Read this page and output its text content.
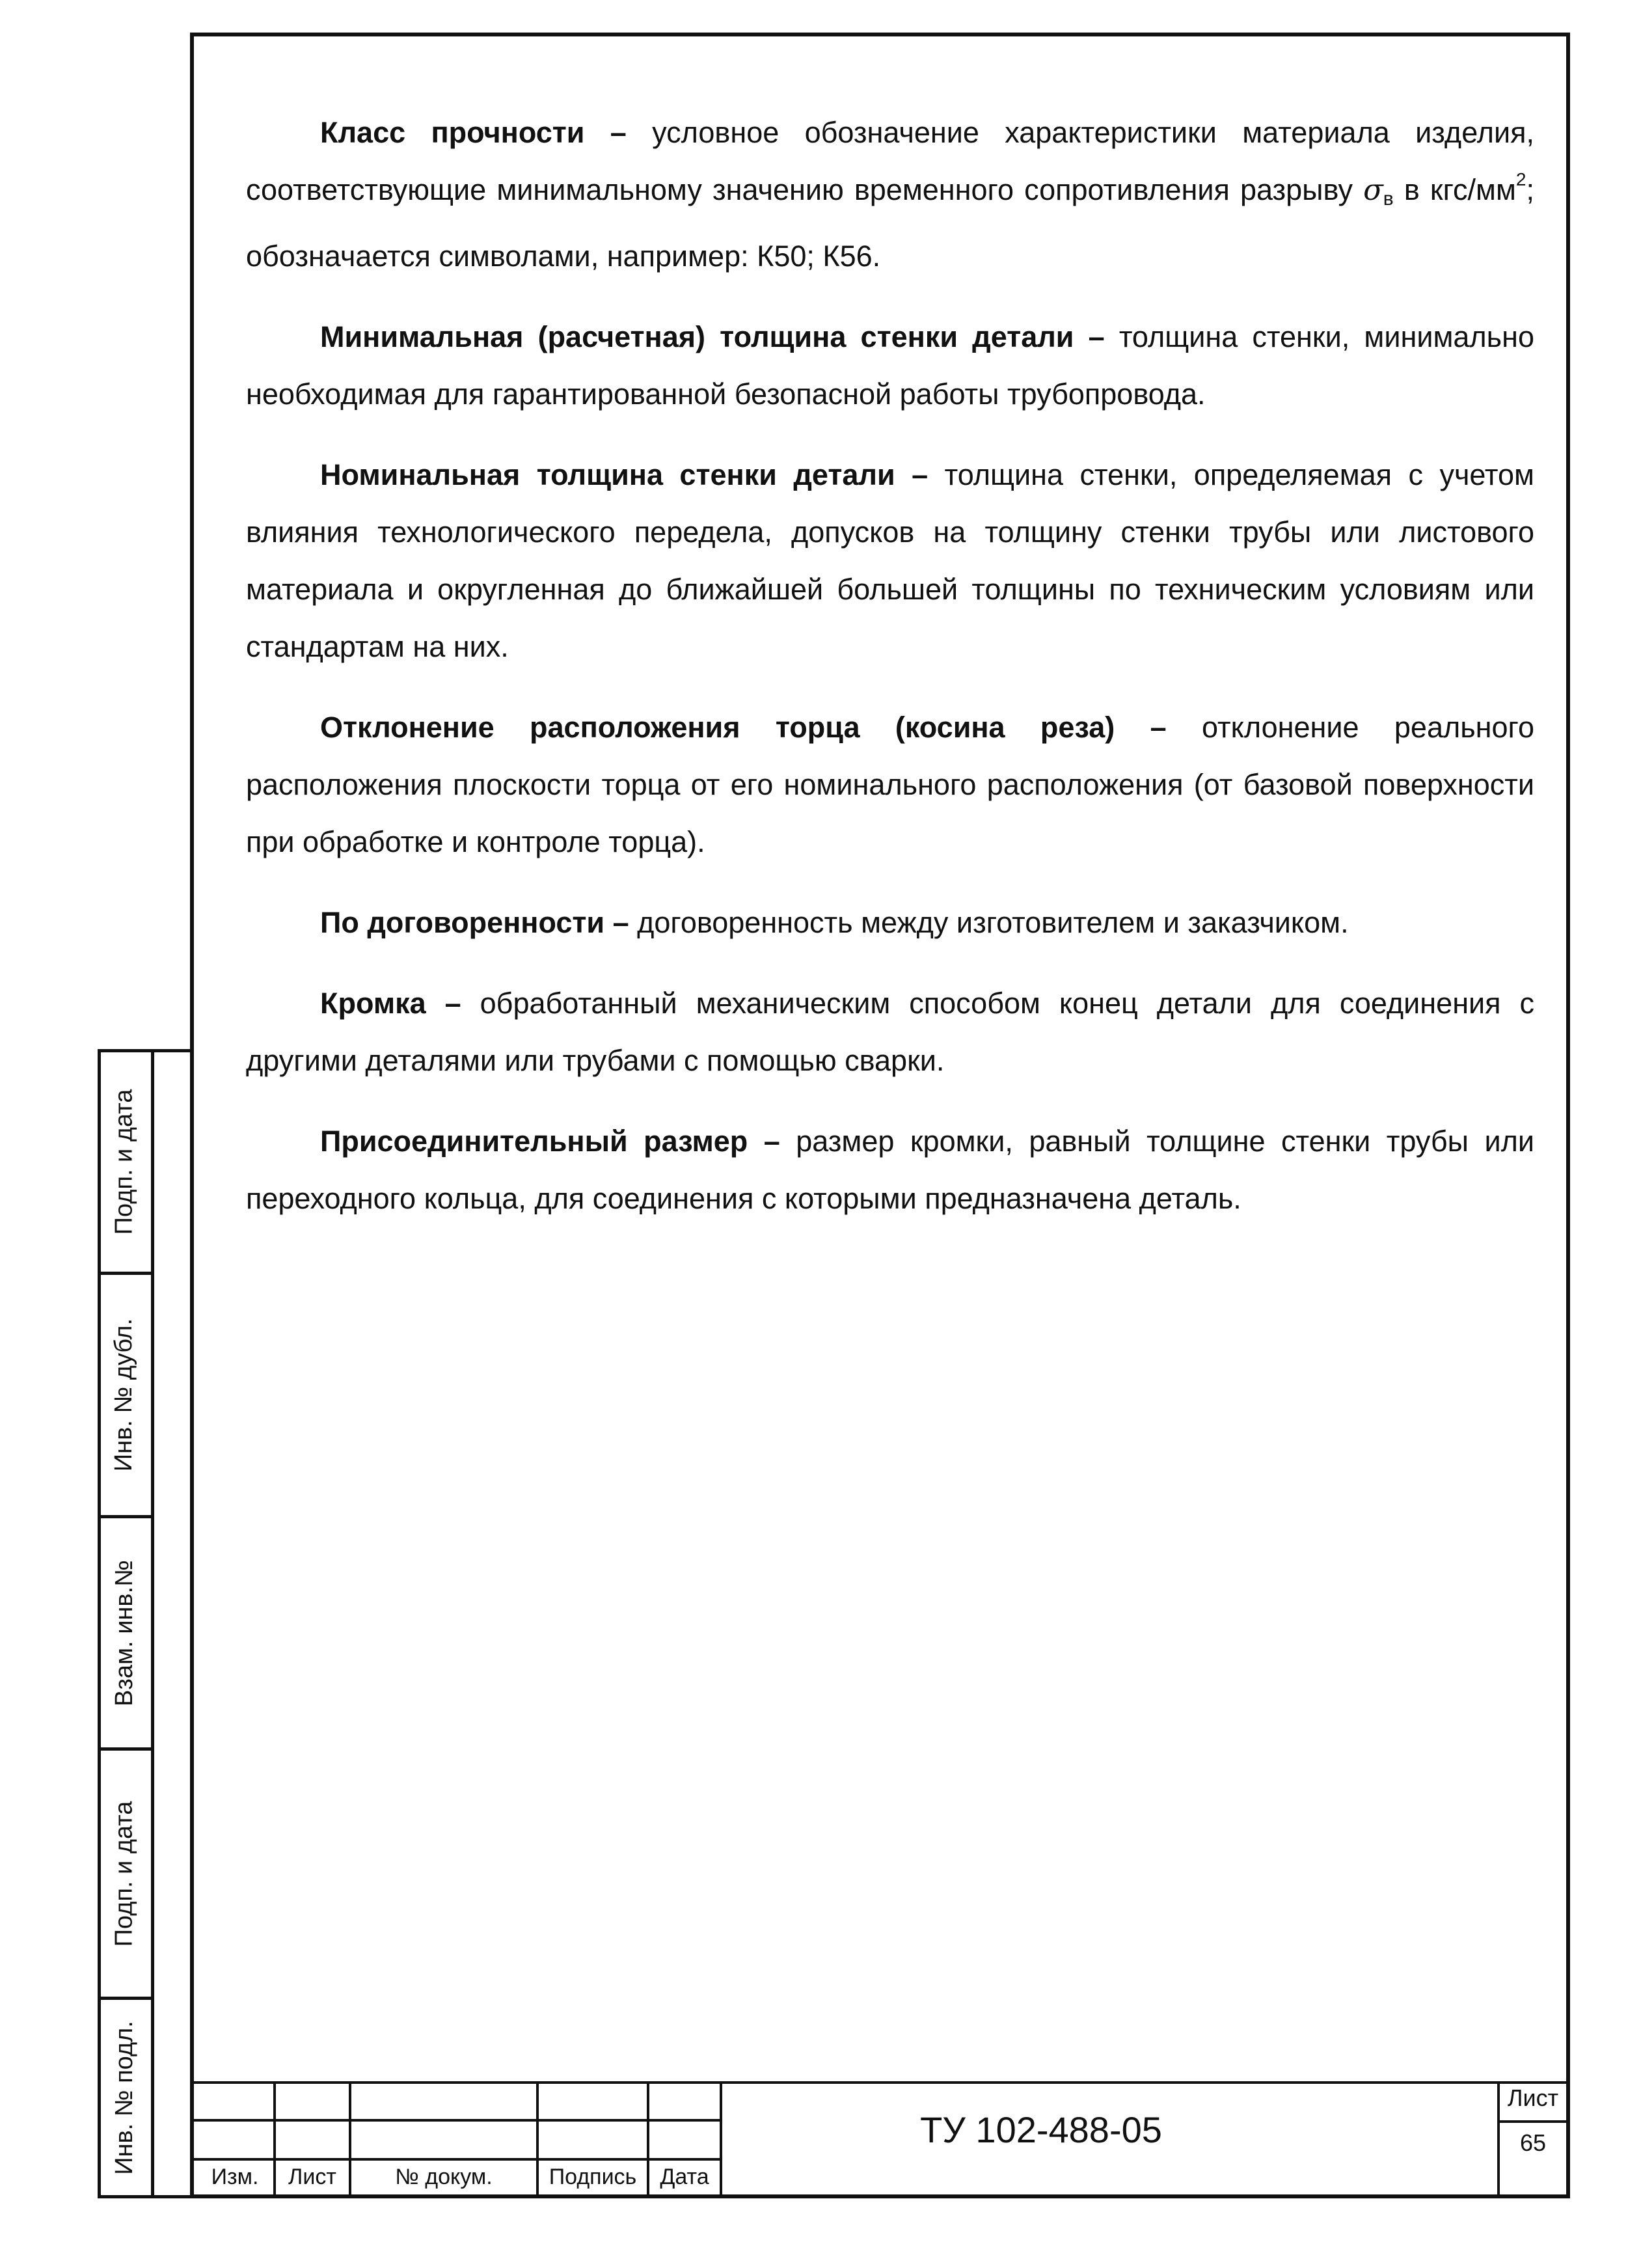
Класс прочности – условное обозначение характеристики материала изделия, соответствующие минимальному значению временного сопротивления разрыву $\sigma_в$ в кгс/$мм^2$; обозначается символами, например: К50; К56.

Минимальная (расчетная) толщина стенки детали – толщина стенки, минимально необходимая для гарантированной безопасной работы трубопровода.

Номинальная толщина стенки детали – толщина стенки, определяемая с учетом влияния технологического передела, допусков на толщину стенки трубы или листового материала и округленная до ближайшей большей толщины по техническим условиям или стандартам на них.

Отклонение расположения торца (косина реза) – отклонение реального расположения плоскости торца от его номинального расположения (от базовой поверхности при обработке и контроле торца).

По договоренности – договоренность между изготовителем и заказчиком.

Кромка – обработанный механическим способом конец детали для соединения с другими деталями или трубами с помощью сварки.

Присоединительный размер – размер кромки, равный толщине стенки трубы или переходного кольца, для соединения с которыми предназначена деталь.

Подп. и дата
Инв. № дубл.
Взам. инв.№
Подп. и дата
Инв. № подл.
Изм.	Лист	№ докум.	Подпись	Дата
ТУ 102-488-05
Лист
65
